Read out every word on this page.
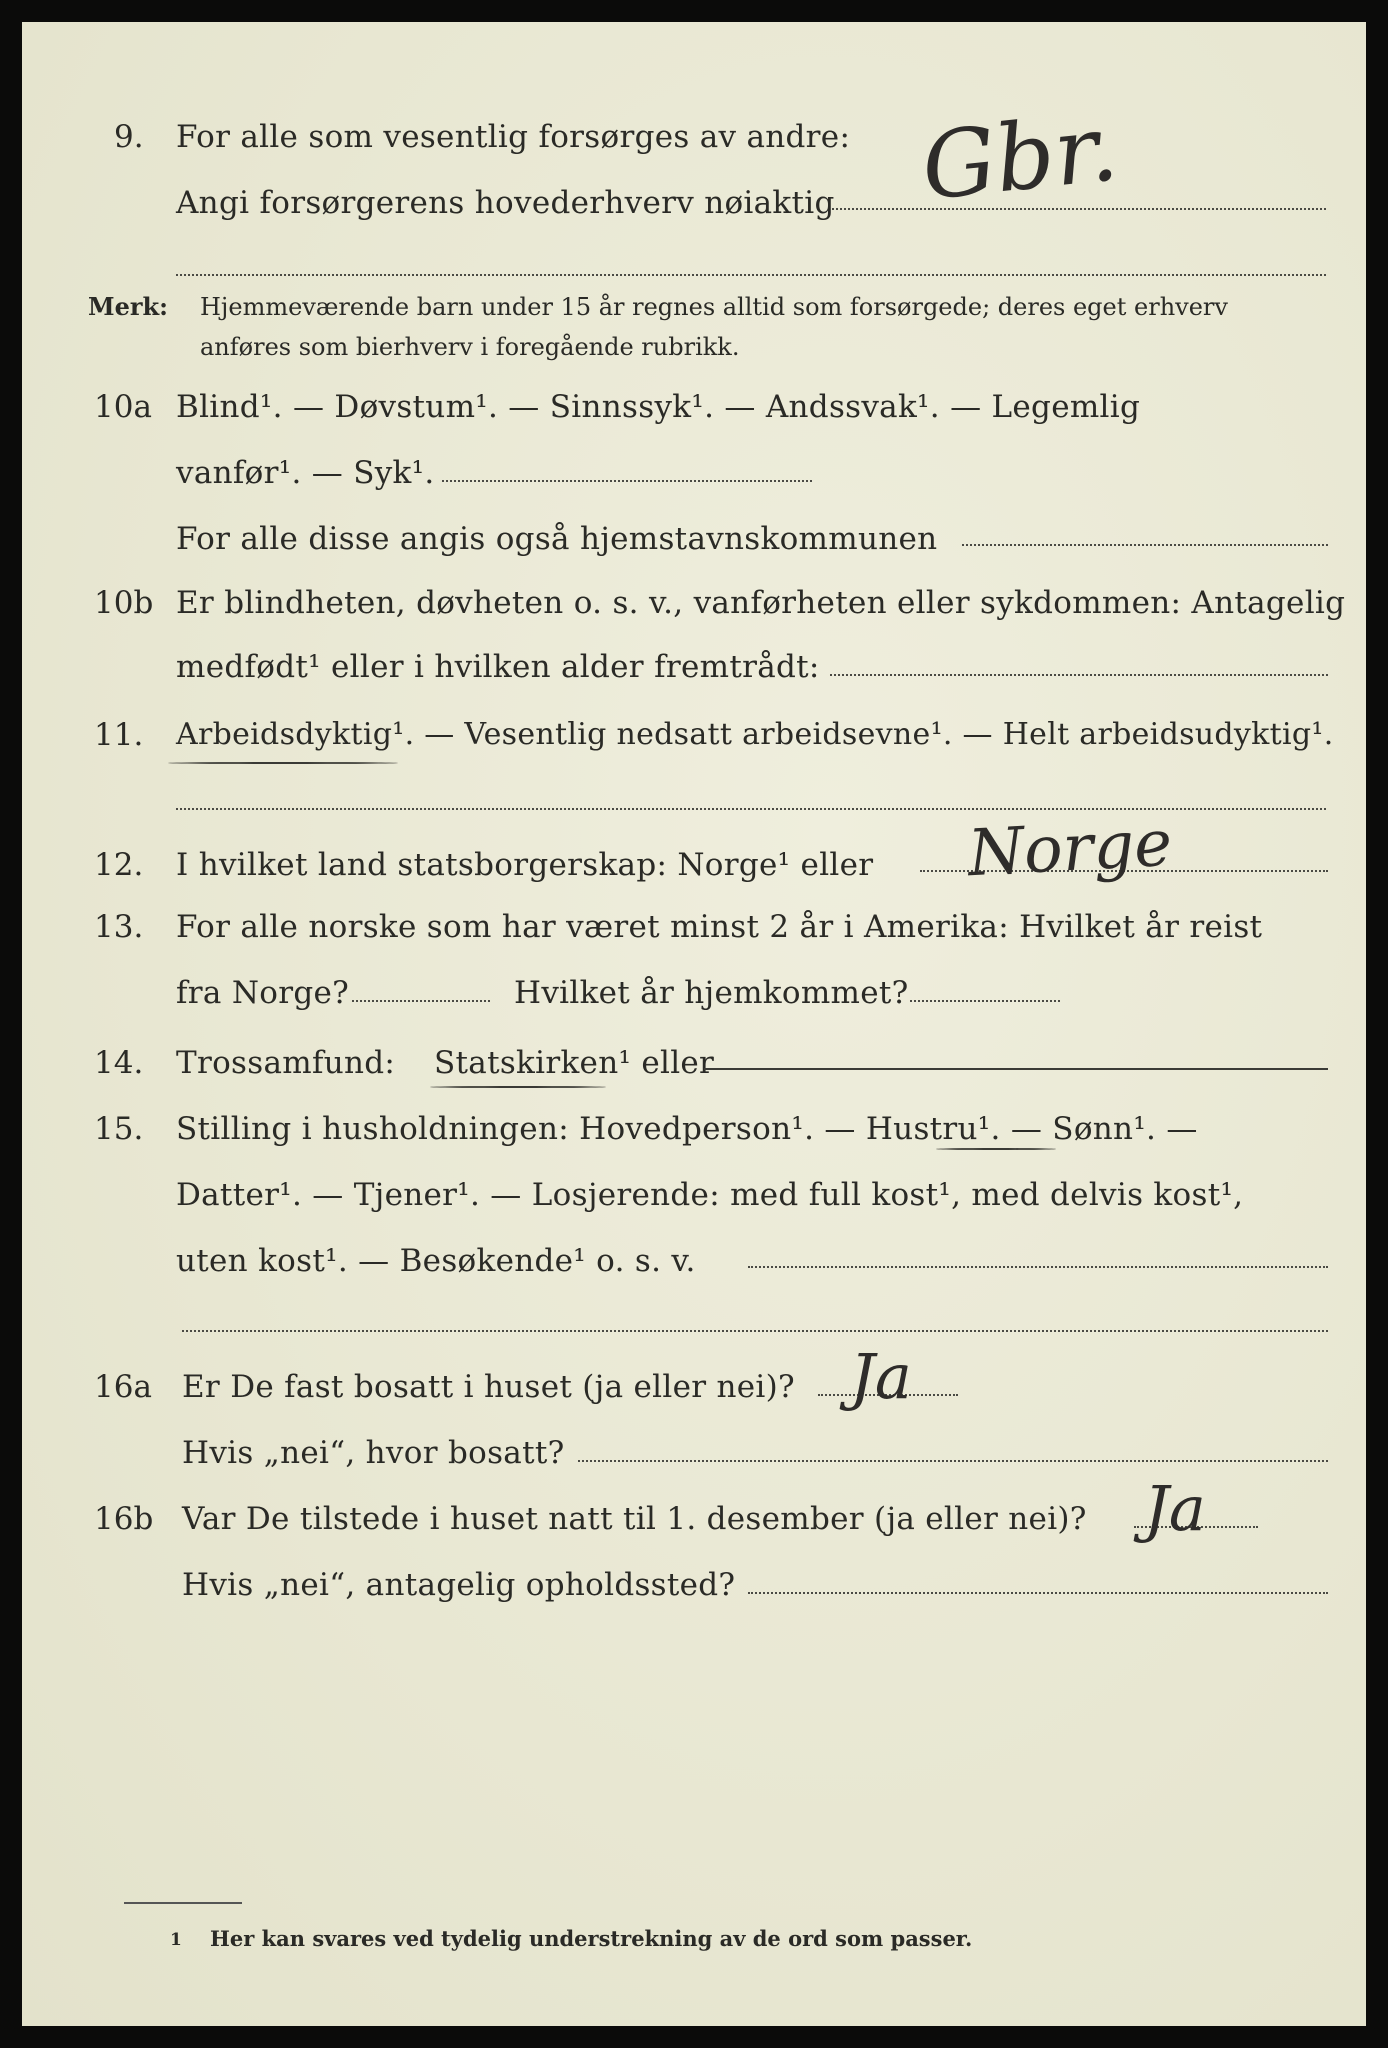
9. For alle som vesentlig forsørges av andre:
Angi forsørgerens hovederhverv nøiaktig Gbr.
Merk: Hjemmeværende barn under 15 år regnes alltid som forsørgede; deres eget erhverv
anføres som bierhverv i foregående rubrikk.
10a Blind¹. — Døvstum¹. — Sinnssyk¹. — Andssvak¹. — Legemlig
vanfør¹. — Syk¹.
For alle disse angis også hjemstavnskommunen
10b Er blindheten, døvheten o. s. v., vanførheten eller sykdommen: Antagelig
medfødt¹ eller i hvilken alder fremtrådt:
11. Arbeidsdyktig¹. — Vesentlig nedsatt arbeidsevne¹. — Helt arbeidsudyktig¹.
12. I hvilket land statsborgerskap: Norge¹ eller Norge
13. For alle norske som har været minst 2 år i Amerika: Hvilket år reist
fra Norge?	Hvilket år hjemkommet?
14. Trossamfund: Statskirken¹ eller
15. Stilling i husholdningen: Hovedperson¹. — Hustru¹. — Sønn¹. —
Datter¹. — Tjener¹. — Losjerende: med full kost¹, med delvis kost¹,
uten kost¹. — Besøkende¹ o. s. v.
16a Er De fast bosatt i huset (ja eller nei)? Ja
Hvis „nei“, hvor bosatt?
16b Var De tilstede i huset natt til 1. desember (ja eller nei)? Ja
Hvis „nei“, antagelig opholdssted?
1 Her kan svares ved tydelig understrekning av de ord som passer.
